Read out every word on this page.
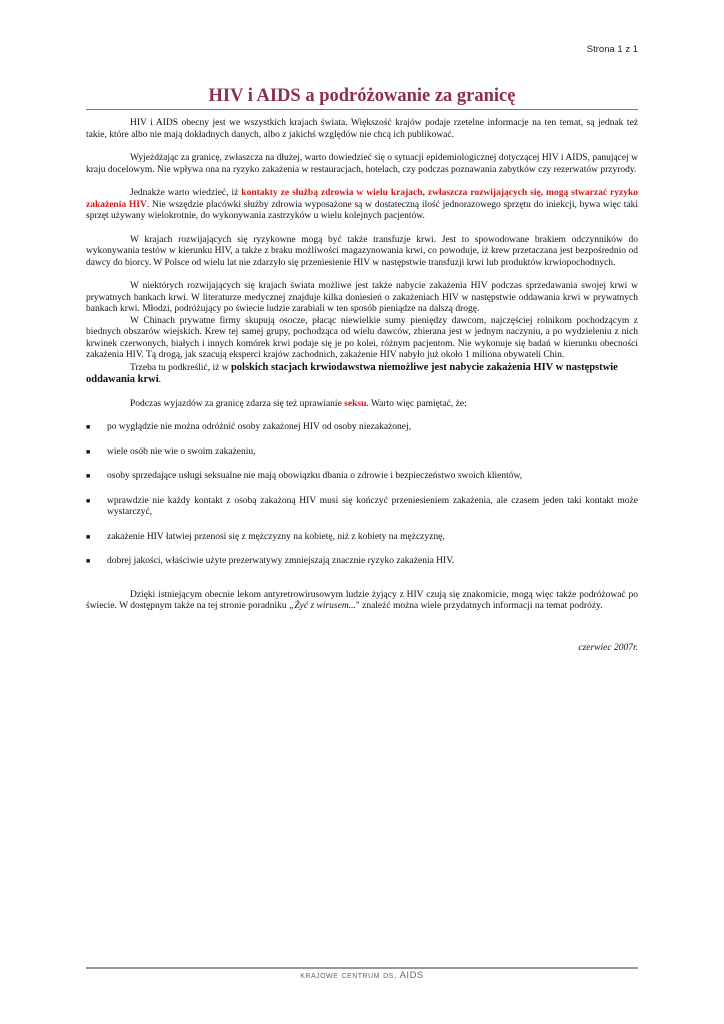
Strona 1 z 1
HIV i AIDS a podróżowanie za granicę

HIV i AIDS obecny jest we wszystkich krajach świata. Większość krajów podaje rzetelne informacje na ten temat, są jednak też takie, które albo nie mają dokładnych danych, albo z jakichś względów nie chcą ich publikować.

Wyjeżdżając za granicę, zwłaszcza na dłużej, warto dowiedzieć się o sytuacji epidemiologicznej dotyczącej HIV i AIDS, panującej w kraju docelowym. Nie wpływa ona na ryzyko zakażenia w restauracjach, hotelach, czy podczas poznawania zabytków czy rezerwatów przyrody.

Jednakże warto wiedzieć, iż kontakty ze służbą zdrowia w wielu krajach, zwłaszcza rozwijających się, mogą stwarzać ryzyko zakażenia HIV. Nie wszędzie placówki służby zdrowia wyposażone są w dostateczną ilość jednorazowego sprzętu do iniekcji, bywa więc taki sprzęt używany wielokrotnie, do wykonywania zastrzyków u wielu kolejnych pacjentów.

W krajach rozwijających się ryzykowne mogą być także transfuzje krwi. Jest to spowodowane brakiem odczynników do wykonywania testów w kierunku HIV, a także z braku możliwości magazynowania krwi, co powoduje, iż krew przetaczana jest bezpośrednio od dawcy do biorcy. W Polsce od wielu lat nie zdarzyło się przeniesienie HIV w następstwie transfuzji krwi lub produktów krwiopochodnych.

W niektórych rozwijających się krajach świata możliwe jest także nabycie zakażenia HIV podczas sprzedawania swojej krwi w prywatnych bankach krwi. W literaturze medycznej znajduje kilka doniesień o zakażeniach HIV w następstwie oddawania krwi w prywatnych bankach krwi. Młodzi, podróżujący po świecie ludzie zarabiali w ten sposób pieniądze na dalszą drogę.

W Chinach prywatne firmy skupują osocze, płacąc niewielkie sumy pieniędzy dawcom, najczęściej rolnikom pochodzącym z biednych obszarów wiejskich. Krew tej samej grupy, pochodząca od wielu dawców, zbierana jest w jednym naczyniu, a po wydzieleniu z nich krwinek czerwonych, białych i innych komórek krwi podaje się je po kolei, różnym pacjentom. Nie wykonuje się badań w kierunku obecności zakażenia HIV. Tą drogą, jak szacują eksperci krajów zachodnich, zakażenie HIV nabyło już około 1 miliona obywateli Chin.

Trzeba tu podkreślić, iż w polskich stacjach krwiodawstwa niemożliwe jest nabycie zakażenia HIV w następstwie oddawania krwi.

Podczas wyjazdów za granicę zdarza się też uprawianie seksu. Warto więc pamiętać, że:

■ po wyglądzie nie można odróżnić osoby zakażonej HIV od osoby niezakażonej,
■ wiele osób nie wie o swoim zakażeniu,
■ osoby sprzedające usługi seksualne nie mają obowiązku dbania o zdrowie i bezpieczeństwo swoich klientów,
■ wprawdzie nie każdy kontakt z osobą zakażoną HIV musi się kończyć przeniesieniem zakażenia, ale czasem jeden taki kontakt może wystarczyć,
■ zakażenie HIV łatwiej przenosi się z mężczyzny na kobietę, niż z kobiety na mężczyznę,
■ dobrej jakości, właściwie użyte prezerwatywy zmniejszają znacznie ryzyko zakażenia HIV.

Dzięki istniejącym obecnie lekom antyretrowirusowym ludzie żyjący z HIV czują się znakomicie, mogą więc także podróżować po świecie. W dostępnym także na tej stronie poradniku „Żyć z wirusem..." znaleźć można wiele przydatnych informacji na temat podróży.

czerwiec 2007r.
krajowe centrum ds. AIDS
